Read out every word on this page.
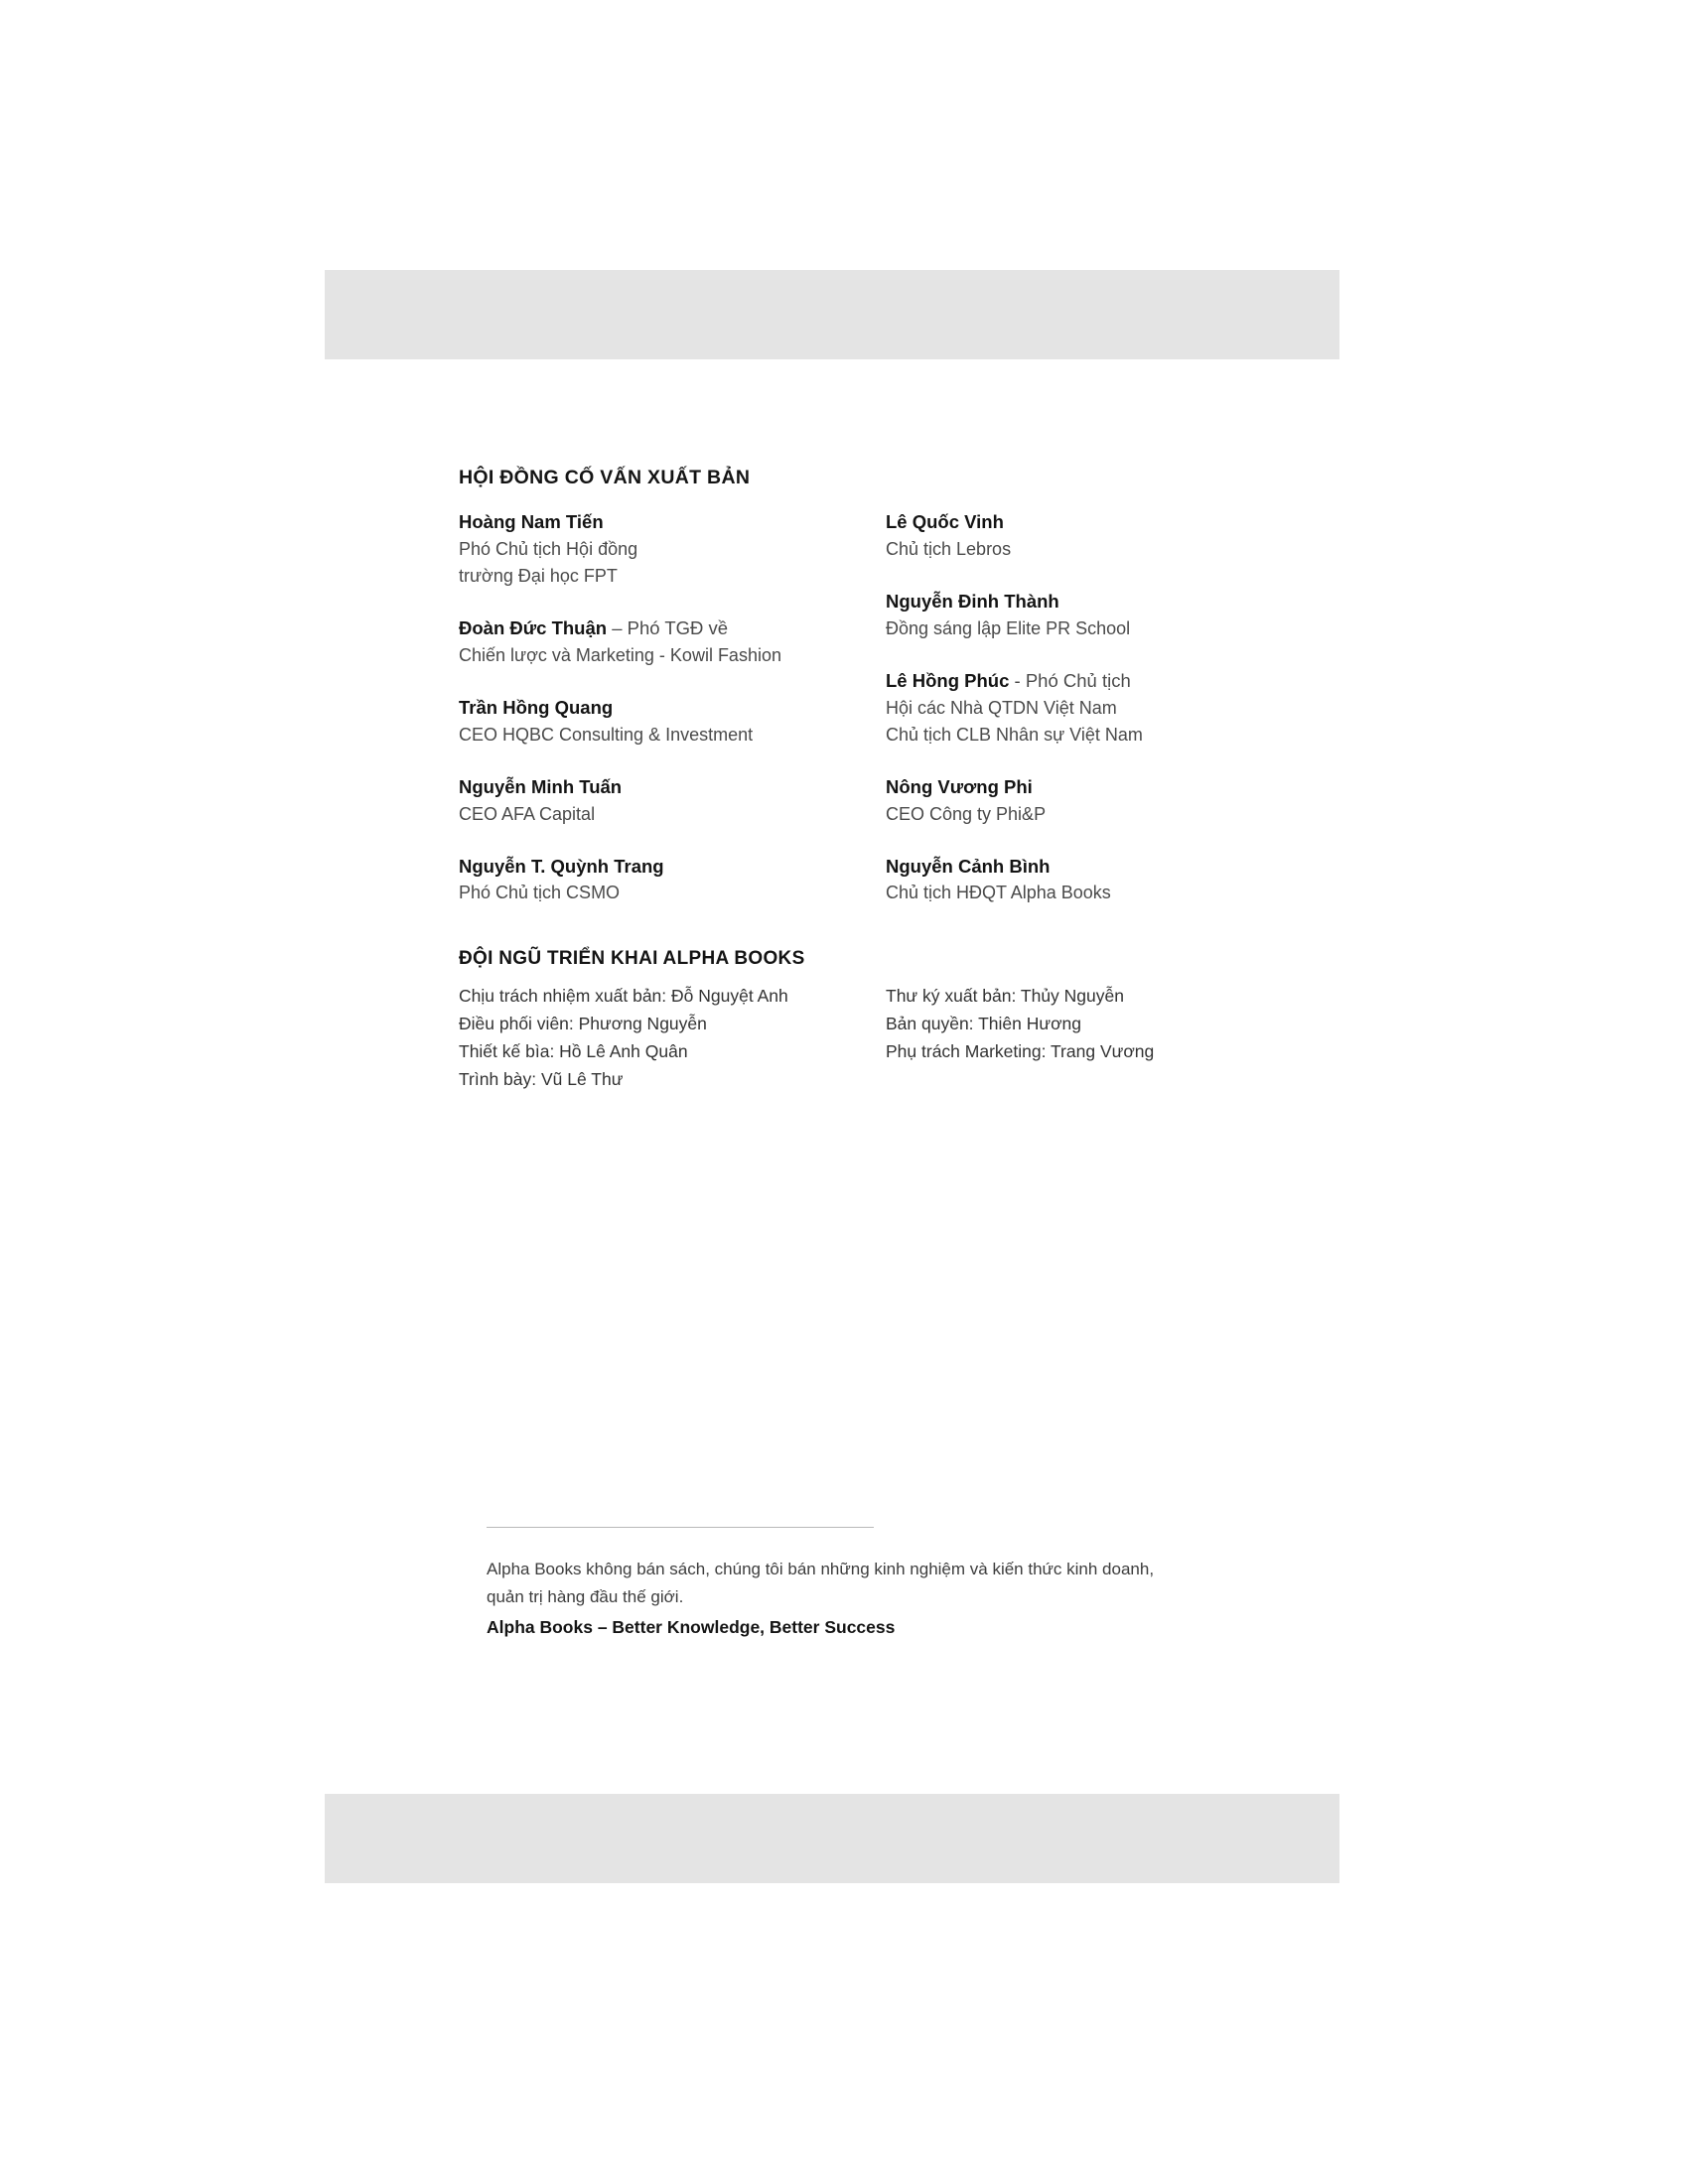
HỘI ĐỒNG CỐ VẤN XUẤT BẢN
Hoàng Nam Tiến
Phó Chủ tịch Hội đồng
trường Đại học FPT
Đoàn Đức Thuận – Phó TGĐ về
Chiến lược và Marketing - Kowil Fashion
Trần Hồng Quang
CEO HQBC Consulting & Investment
Nguyễn Minh Tuấn
CEO AFA Capital
Nguyễn T. Quỳnh Trang
Phó Chủ tịch CSMO
Lê Quốc Vinh
Chủ tịch Lebros
Nguyễn Đinh Thành
Đồng sáng lập Elite PR School
Lê Hồng Phúc - Phó Chủ tịch
Hội các Nhà QTDN Việt Nam
Chủ tịch CLB Nhân sự Việt Nam
Nông Vương Phi
CEO Công ty Phi&P
Nguyễn Cảnh Bình
Chủ tịch HĐQT Alpha Books
ĐỘI NGŨ TRIỂN KHAI ALPHA BOOKS
Chịu trách nhiệm xuất bản: Đỗ Nguyệt Anh
Điều phối viên: Phương Nguyễn
Thiết kế bìa: Hồ Lê Anh Quân
Trình bày: Vũ Lê Thư
Thư ký xuất bản: Thủy Nguyễn
Bản quyền: Thiên Hương
Phụ trách Marketing: Trang Vương
Alpha Books không bán sách, chúng tôi bán những kinh nghiệm và kiến thức kinh doanh, quản trị hàng đầu thế giới.
Alpha Books – Better Knowledge, Better Success
